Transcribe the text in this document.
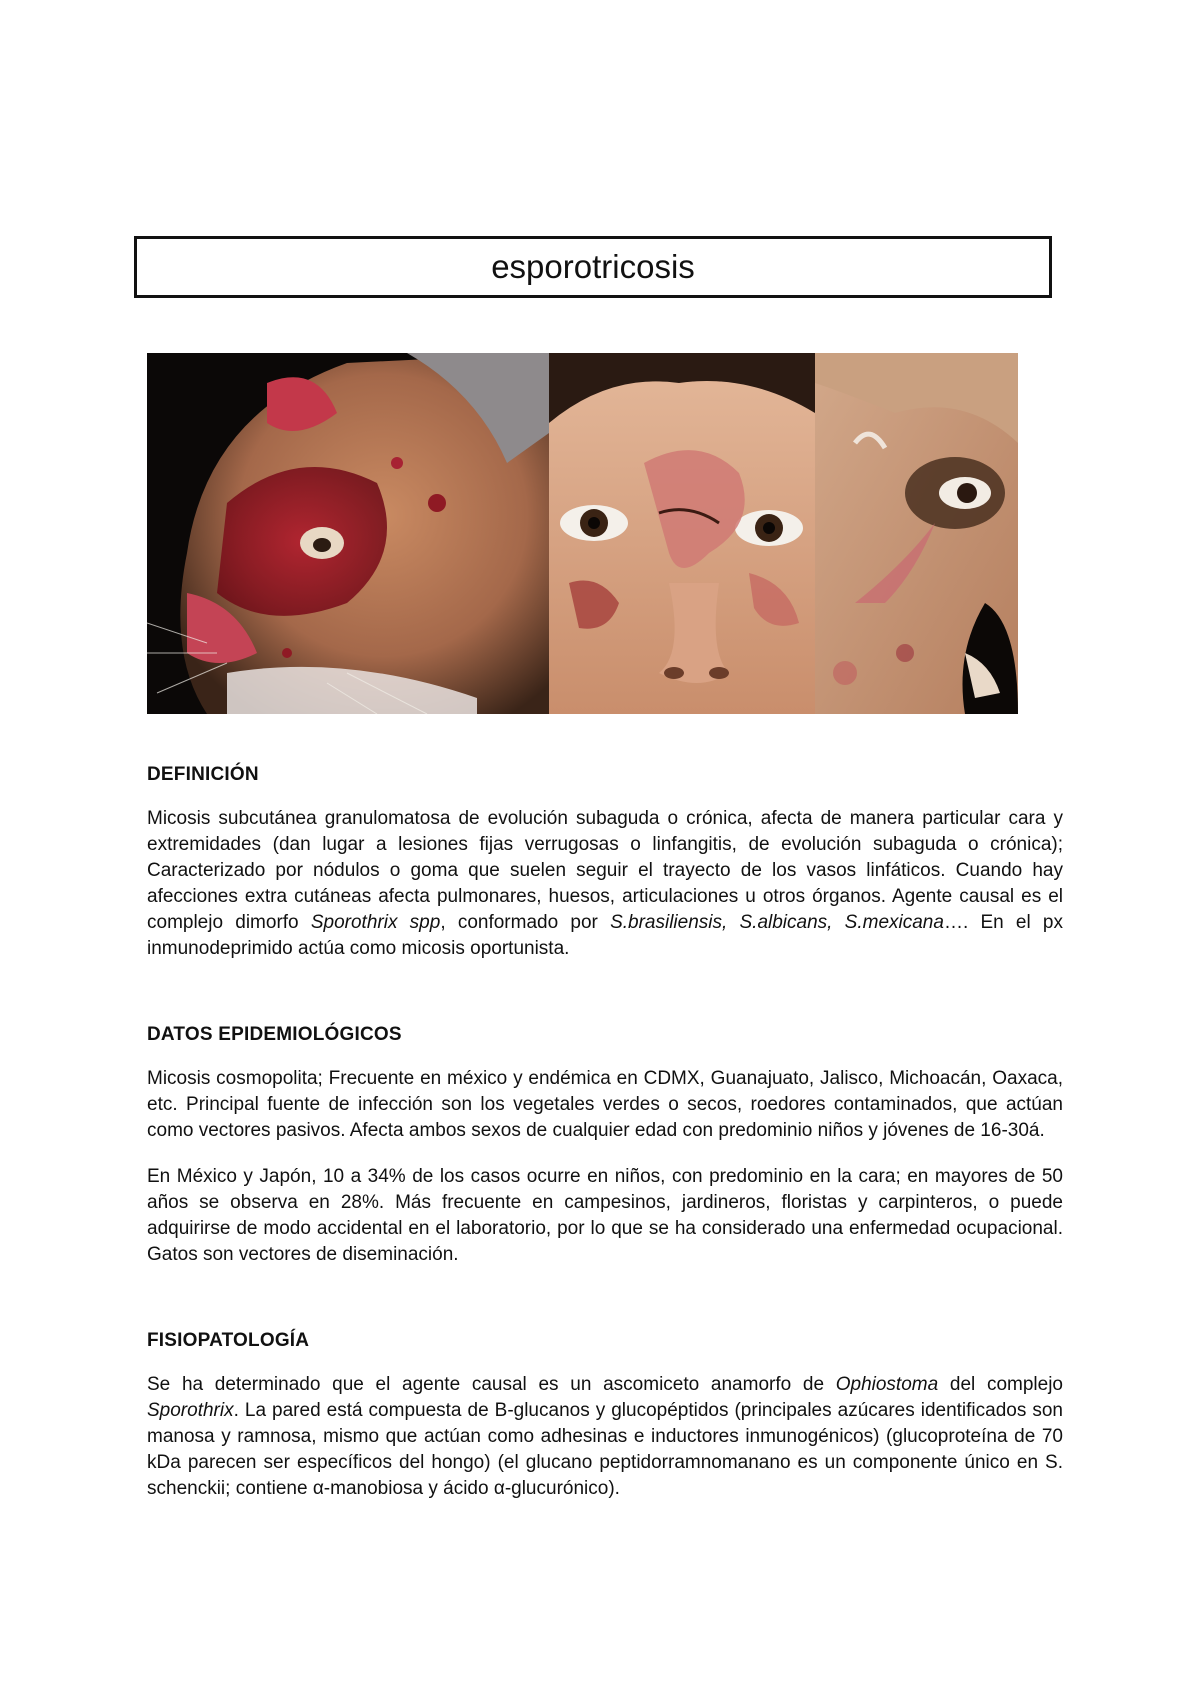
esporotricosis
DEFINICIÓN

Micosis subcutánea granulomatosa de evolución subaguda o crónica, afecta de manera particular cara y extremidades (dan lugar a lesiones fijas verrugosas o linfangitis, de evolución subaguda o crónica); Caracterizado por nódulos o goma que suelen seguir el trayecto de los vasos linfáticos. Cuando hay afecciones extra cutáneas afecta pulmonares, huesos, articulaciones u otros órganos. Agente causal es el complejo dimorfo Sporothrix spp, conformado por S.brasiliensis, S.albicans, S.mexicana…. En el px inmunodeprimido actúa como micosis oportunista.

DATOS EPIDEMIOLÓGICOS

Micosis cosmopolita; Frecuente en méxico y endémica en CDMX, Guanajuato, Jalisco, Michoacán, Oaxaca, etc. Principal fuente de infección son los vegetales verdes o secos, roedores contaminados, que actúan como vectores pasivos. Afecta ambos sexos de cualquier edad con predominio niños y jóvenes de 16-30á.

En México y Japón, 10 a 34% de los casos ocurre en niños, con predominio en la cara; en mayores de 50 años se observa en 28%. Más frecuente en campesinos, jardineros, floristas y carpinteros, o puede adquirirse de modo accidental en el laboratorio, por lo que se ha considerado una enfermedad ocupacional. Gatos son vectores de diseminación.

FISIOPATOLOGÍA

Se ha determinado que el agente causal es un ascomiceto anamorfo de Ophiostoma del complejo Sporothrix. La pared está compuesta de B-glucanos y glucopéptidos (principales azúcares identificados son manosa y ramnosa, mismo que actúan como adhesinas e inductores inmunogénicos) (glucoproteína de 70 kDa parecen ser específicos del hongo) (el glucano peptidorramnomanano es un componente único en S. schenckii; contiene α-manobiosa y ácido α-glucurónico).
